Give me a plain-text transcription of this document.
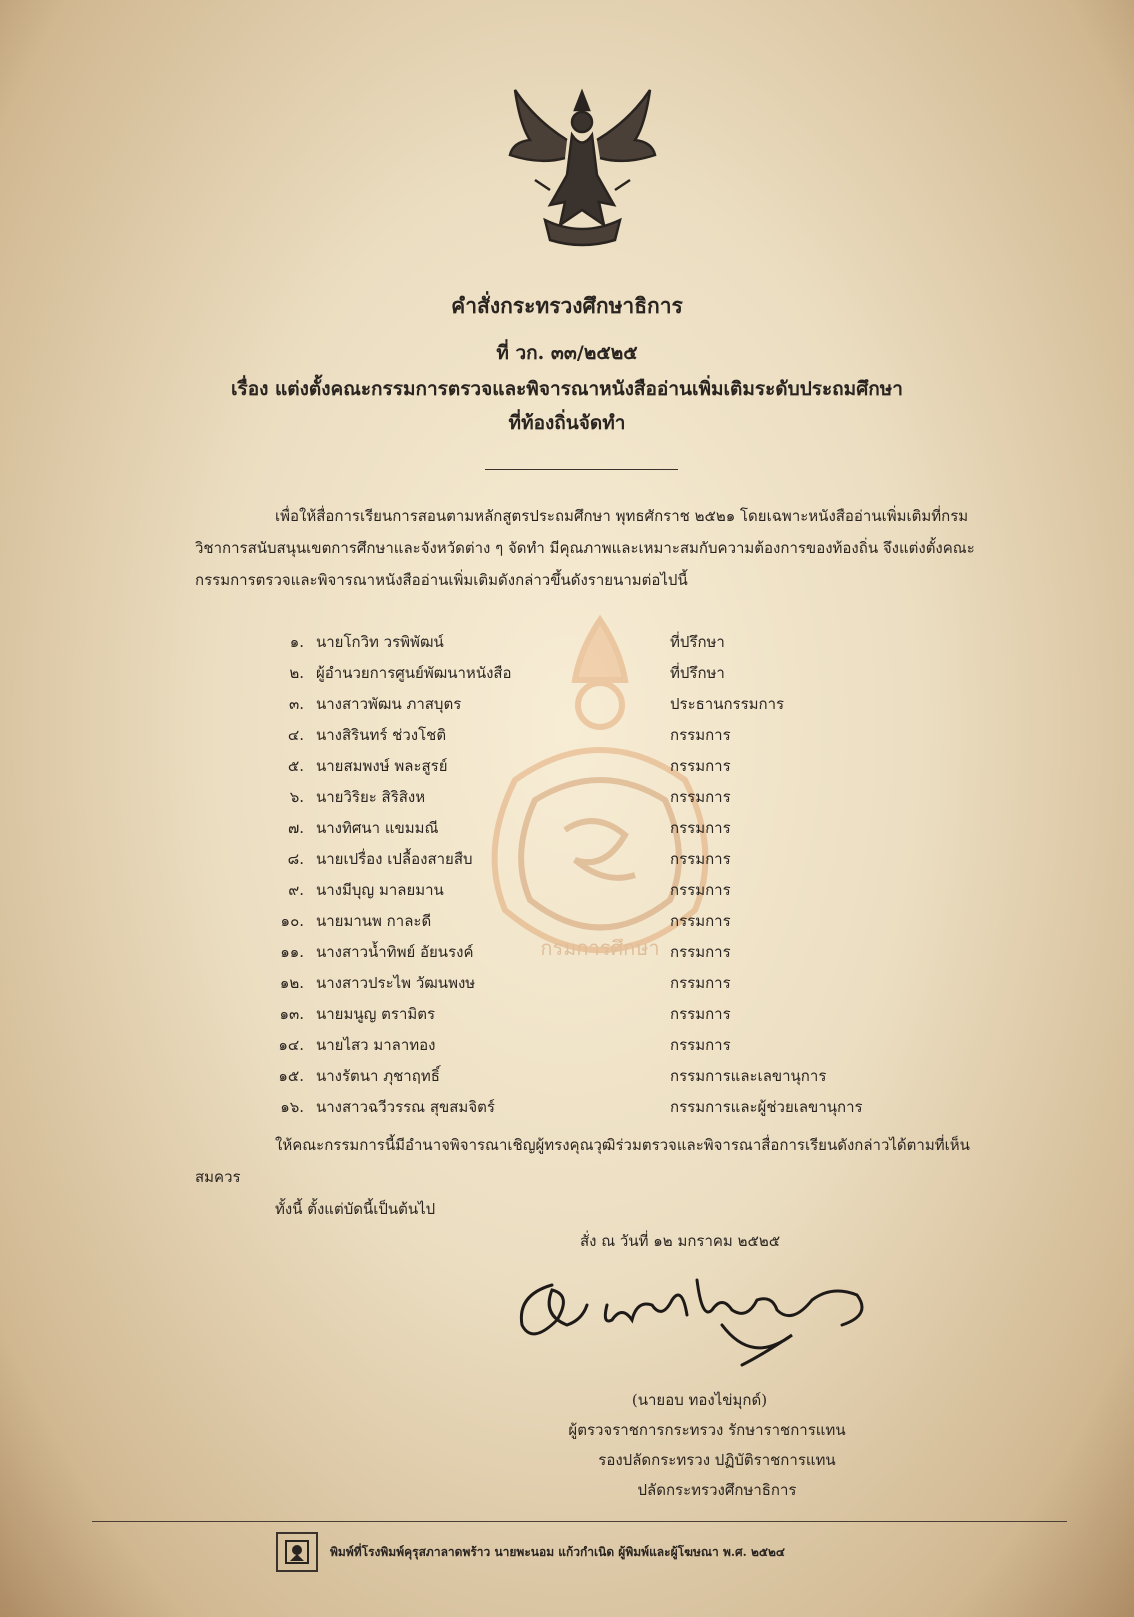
กรมการศึกษา
คำสั่งกระทรวงศึกษาธิการ
ที่ วก. ๓๓/๒๕๒๕
เรื่อง แต่งตั้งคณะกรรมการตรวจและพิจารณาหนังสืออ่านเพิ่มเติมระดับประถมศึกษา
ที่ท้องถิ่นจัดทำ
เพื่อให้สื่อการเรียนการสอนตามหลักสูตรประถมศึกษา พุทธศักราช ๒๕๒๑ โดยเฉพาะหนังสืออ่านเพิ่มเติมที่กรมวิชาการสนับสนุนเขตการศึกษาและจังหวัดต่าง ๆ จัดทำ มีคุณภาพและเหมาะสมกับความต้องการของท้องถิ่น จึงแต่งตั้งคณะกรรมการตรวจและพิจารณาหนังสืออ่านเพิ่มเติมดังกล่าวขึ้นดังรายนามต่อไปนี้
๑. นายโกวิท วรพิพัฒน์	ที่ปรึกษา
๒. ผู้อำนวยการศูนย์พัฒนาหนังสือ	ที่ปรึกษา
๓. นางสาวพัฒน ภาสบุตร	ประธานกรรมการ
๔. นางสิรินทร์ ช่วงโชติ	กรรมการ
๕. นายสมพงษ์ พละสูรย์	กรรมการ
๖. นายวิริยะ สิริสิงห	กรรมการ
๗. นางทิศนา แขมมณี	กรรมการ
๘. นายเปรื่อง เปลื้องสายสืบ	กรรมการ
๙. นางมีบุญ มาลยมาน	กรรมการ
๑๐. นายมานพ กาละดี	กรรมการ
๑๑. นางสาวน้ำทิพย์ อัยนรงค์	กรรมการ
๑๒. นางสาวประไพ วัฒนพงษ	กรรมการ
๑๓. นายมนูญ ตรามิตร	กรรมการ
๑๔. นายไสว มาลาทอง	กรรมการ
๑๕. นางรัตนา ภุชาฤทธิ์	กรรมการและเลขานุการ
๑๖. นางสาวฉวีวรรณ สุขสมจิตร์	กรรมการและผู้ช่วยเลขานุการ
ให้คณะกรรมการนี้มีอำนาจพิจารณาเชิญผู้ทรงคุณวุฒิร่วมตรวจและพิจารณาสื่อการเรียนดังกล่าวได้ตามที่เห็นสมควร
ทั้งนี้ ตั้งแต่บัดนี้เป็นต้นไป
สั่ง ณ วันที่ ๑๒ มกราคม ๒๕๒๕
(นายอบ ทองไข่มุกด์)
ผู้ตรวจราชการกระทรวง รักษาราชการแทน
รองปลัดกระทรวง ปฏิบัติราชการแทน
ปลัดกระทรวงศึกษาธิการ
พิมพ์ที่โรงพิมพ์คุรุสภาลาดพร้าว นายพะนอม แก้วกำเนิด ผู้พิมพ์และผู้โฆษณา พ.ศ. ๒๕๒๔
